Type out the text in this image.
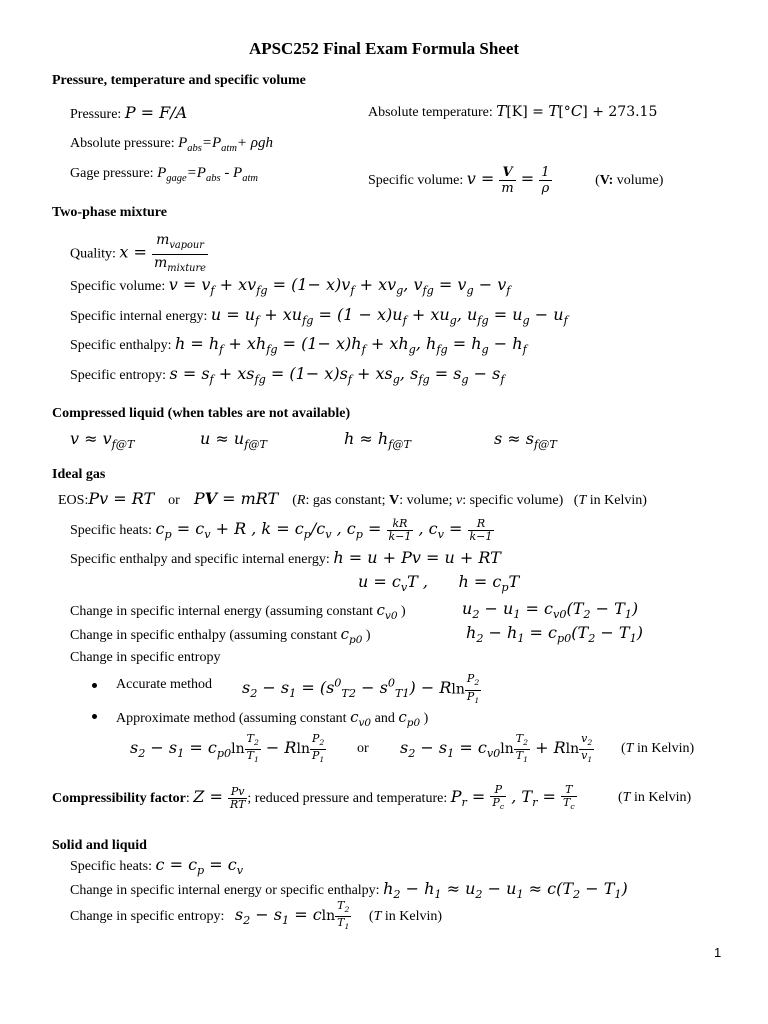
APSC252 Final Exam Formula Sheet
Pressure, temperature and specific volume
Pressure: P = F/A	Absolute temperature: T[K] = T[°C] + 273.15
Absolute pressure: $P_{abs}=P_{atm}+ \rho gh$
Gage pressure: $P_{gage}=P_{abs} - P_{atm}$	Specific volume: $v = \frac{V}{m} = \frac{1}{\rho}$	(V: volume)
Two-phase mixture
Quality: $x = \frac{m_{vapour}}{m_{mixture}}$
Specific volume: $v = v_f + xv_{fg} = (1- x)v_f + xv_g$, $v_{fg} = v_g - v_f$
Specific internal energy: $u = u_f + xu_{fg} = (1 - x)u_f + xu_g$, $u_{fg} = u_g - u_f$
Specific enthalpy: $h = h_f + xh_{fg} = (1- x)h_f + xh_g$, $h_{fg} = h_g - h_f$
Specific entropy: $s = s_f + xs_{fg} = (1- x)s_f + xs_g$, $s_{fg} = s_g - s_f$
Compressed liquid (when tables are not available)
$v \approx v_{f@T}$	$u \approx u_{f@T}$	$h \approx h_{f@T}$	$s \approx s_{f@T}$
Ideal gas
EOS:Pv = RT    or    PV = mRT    (R: gas constant; V: volume; v: specific volume)   (T in Kelvin)
Specific heats: $c_p = c_v + R$ , $k = c_p/c_v$ , $c_p = \frac{kR}{k-1}$ , $c_v = \frac{R}{k-1}$
Specific enthalpy and specific internal energy: h = u + Pv = u + RT
$u = c_vT$ ,      $h = c_pT$
Change in specific internal energy (assuming constant $c_{v0}$ )	$u_2 - u_1 = c_{v0}(T_2 - T_1)$
Change in specific enthalpy (assuming constant $c_{p0}$ )	$h_2 - h_1 = c_{p0}(T_2 - T_1)$
Change in specific entropy
Accurate method $s_2 - s_1 = (s^0_{T2} - s^0_{T1}) - Rln \frac{P_2}{P_1}$
Approximate method (assuming constant $c_{v0}$ and $c_{p0}$ )
$s_2 - s_1 = c_{p0}\ln \frac{T_2}{T_1} - Rln \frac{P_2}{P_1}$ or $s_2 - s_1 = c_{v0}\ln \frac{T_2}{T_1} + Rln \frac{v_2}{v_1} (T$ in Kelvin)
Compressibility factor: $Z = \frac{Pv}{RT}$ ; reduced pressure and temperature: $P_r = \frac{P}{P_c}$ , $T_r = \frac{T}{T_c}$	(T in Kelvin)
Solid and liquid
Specific heats: $c = c_p = c_v$
Change in specific internal energy or specific enthalpy: $h_2 - h_1 \approx u_2 - u_1 \approx c(T_2 - T_1)$
Change in specific entropy: $s_2 - s_1 = cln \frac{T_2}{T_1} (T$ in Kelvin)
1
